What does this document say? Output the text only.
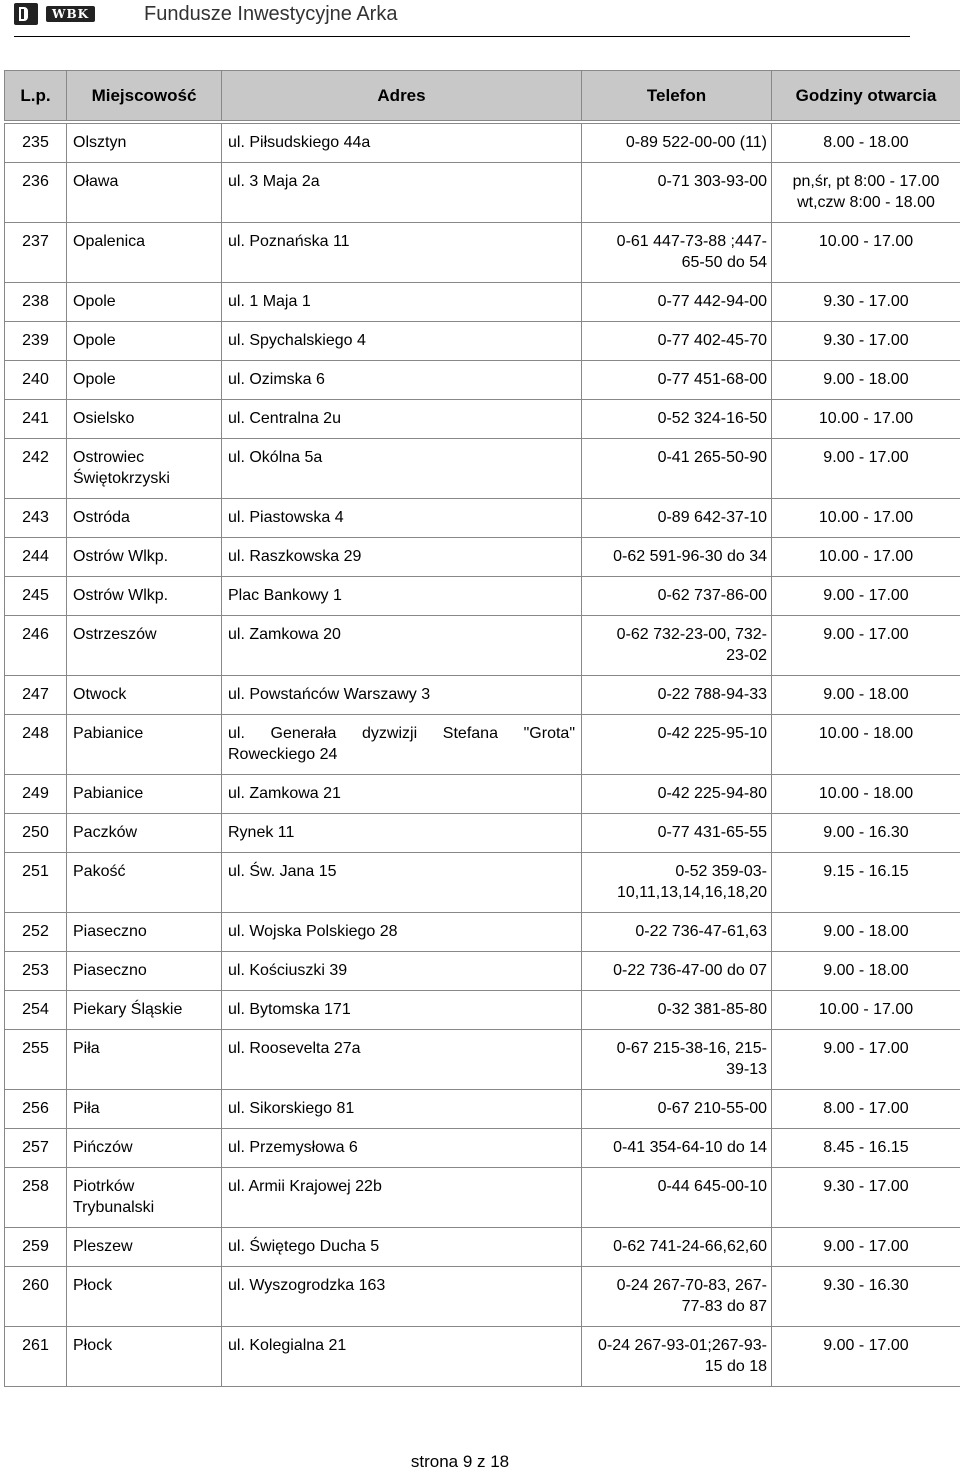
WBK	Fundusze Inwestycyjne Arka
L.p.	Miejscowość	Adres	Telefon	Godziny otwarcia

235	Olsztyn	ul. Piłsudskiego 44a	0-89 522-00-00 (11)	8.00 - 18.00
236	Oława	ul. 3 Maja 2a	0-71 303-93-00	pn,śr, pt 8:00 - 17.00
wt,czw 8:00 - 18.00
237	Opalenica	ul. Poznańska 11	0-61 447-73-88 ;447-
65-50 do 54	10.00 - 17.00
238	Opole	ul. 1 Maja 1	0-77 442-94-00	9.30 - 17.00
239	Opole	ul. Spychalskiego 4	0-77 402-45-70	9.30 - 17.00
240	Opole	ul. Ozimska 6	0-77 451-68-00	9.00 - 18.00
241	Osielsko	ul. Centralna 2u	0-52 324-16-50	10.00 - 17.00
242	Ostrowiec Świętokrzyski	ul. Okólna 5a	0-41 265-50-90	9.00 - 17.00
243	Ostróda	ul. Piastowska 4	0-89 642-37-10	10.00 - 17.00
244	Ostrów Wlkp.	ul. Raszkowska 29	0-62 591-96-30 do 34	10.00 - 17.00
245	Ostrów Wlkp.	Plac Bankowy 1	0-62 737-86-00	9.00 - 17.00
246	Ostrzeszów	ul. Zamkowa 20	0-62 732-23-00, 732-
23-02	9.00 - 17.00
247	Otwock	ul. Powstańców Warszawy 3	0-22 788-94-33	9.00 - 18.00
248	Pabianice	ul. Generała dyzwizji Stefana "Grota" Roweckiego 24	0-42 225-95-10	10.00 - 18.00
249	Pabianice	ul. Zamkowa 21	0-42 225-94-80	10.00 - 18.00
250	Paczków	Rynek 11	0-77 431-65-55	9.00 - 16.30
251	Pakość	ul. Św. Jana 15	0-52 359-03-
10,11,13,14,16,18,20	9.15 - 16.15
252	Piaseczno	ul. Wojska Polskiego 28	0-22 736-47-61,63	9.00 - 18.00
253	Piaseczno	ul. Kościuszki 39	0-22 736-47-00 do 07	9.00 - 18.00
254	Piekary Śląskie	ul. Bytomska 171	0-32 381-85-80	10.00 - 17.00
255	Piła	ul. Roosevelta 27a	0-67 215-38-16, 215-
39-13	9.00 - 17.00
256	Piła	ul. Sikorskiego 81	0-67 210-55-00	8.00 - 17.00
257	Pińczów	ul. Przemysłowa 6	0-41 354-64-10 do 14	8.45 - 16.15
258	Piotrków Trybunalski	ul. Armii Krajowej 22b	0-44 645-00-10	9.30 - 17.00
259	Pleszew	ul. Świętego Ducha 5	0-62 741-24-66,62,60	9.00 - 17.00
260	Płock	ul. Wyszogrodzka 163	0-24 267-70-83, 267-
77-83 do 87	9.30 - 16.30
261	Płock	ul. Kolegialna 21	0-24 267-93-01;267-93-
15 do 18	9.00 - 17.00
strona 9 z 18
